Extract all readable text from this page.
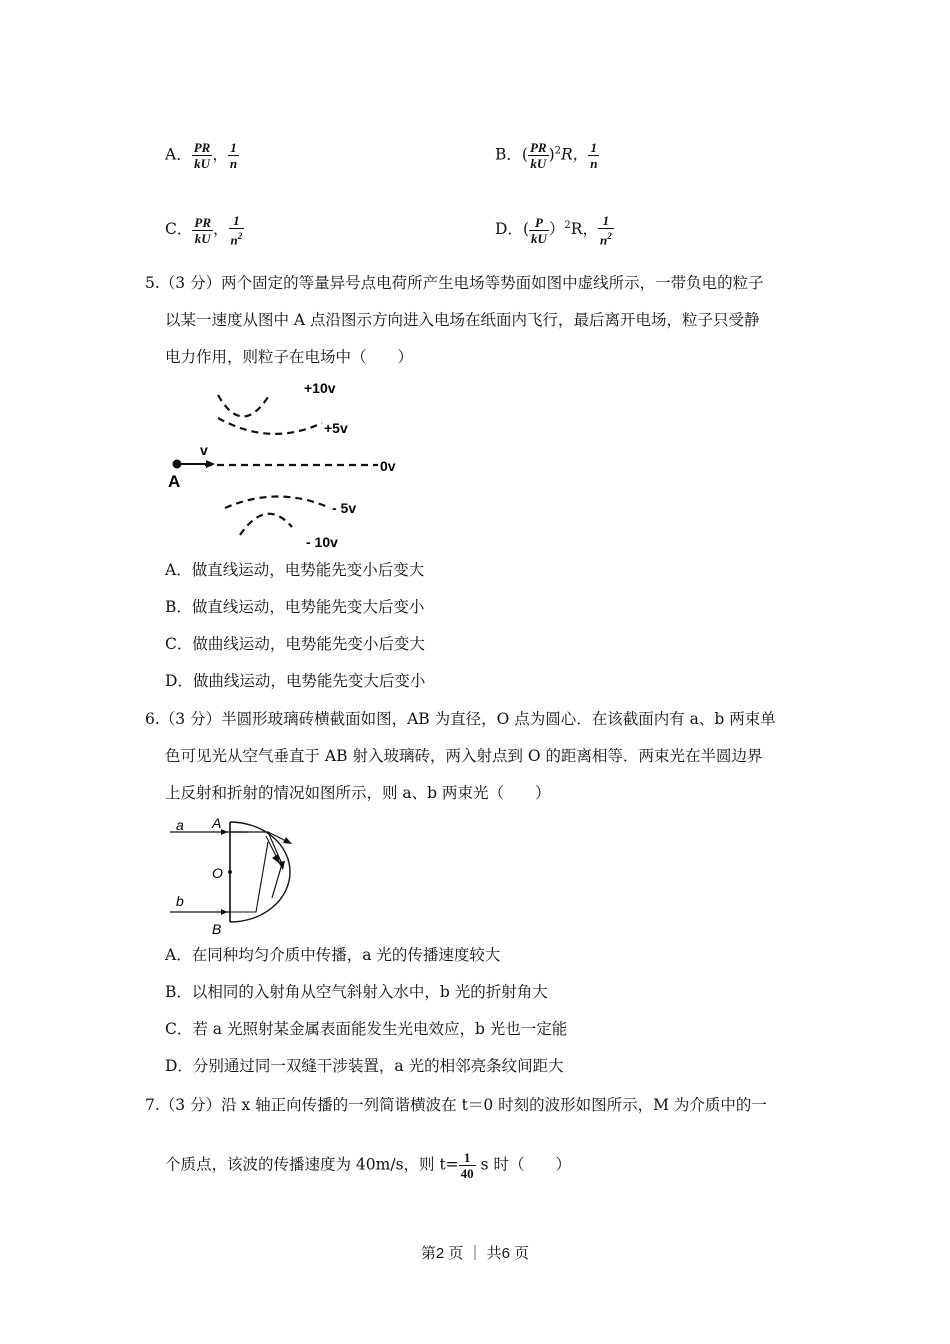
A． $\frac{PR}{kU}$ ， $\frac{1}{n}$	B．( $\frac{PR}{kU} )^2R$， $\frac{1}{n}$
C． $\frac{PR}{kU}$ ， $\frac{1}{n^2}$	D．( $\frac{P}{kU} )^2R$， $\frac{1}{n^2}$
5.（3 分）两个固定的等量异号点电荷所产生电场等势面如图中虚线所示，一带负电的粒子
以某一速度从图中 A 点沿图示方向进入电场在纸面内飞行，最后离开电场，粒子只受静
电力作用，则粒子在电场中（　　）
+10v
+5v
0v
- 5v
- 10v
A
v
A．做直线运动，电势能先变小后变大
B．做直线运动，电势能先变大后变小
C．做曲线运动，电势能先变小后变大
D．做曲线运动，电势能先变大后变小
6.（3 分）半圆形玻璃砖横截面如图，AB 为直径，O 点为圆心．在该截面内有 a、b 两束单
色可见光从空气垂直于 AB 射入玻璃砖，两入射点到 O 的距离相等．两束光在半圆边界
上反射和折射的情况如图所示，则 a、b 两束光（　　）
a A
O
b
B
A．在同种均匀介质中传播，a 光的传播速度较大
B．以相同的入射角从空气斜射入水中，b 光的折射角大
C．若 a 光照射某金属表面能发生光电效应，b 光也一定能
D．分别通过同一双缝干涉装置，a 光的相邻亮条纹间距大
7.（3 分）沿 x 轴正向传播的一列简谐横波在 t＝0 时刻的波形如图所示，M 为介质中的一
个质点，该波的传播速度为 40m/s，则 $t= \frac{1}{40}$ s 时（　　）
第2 页 ｜ 共6 页
